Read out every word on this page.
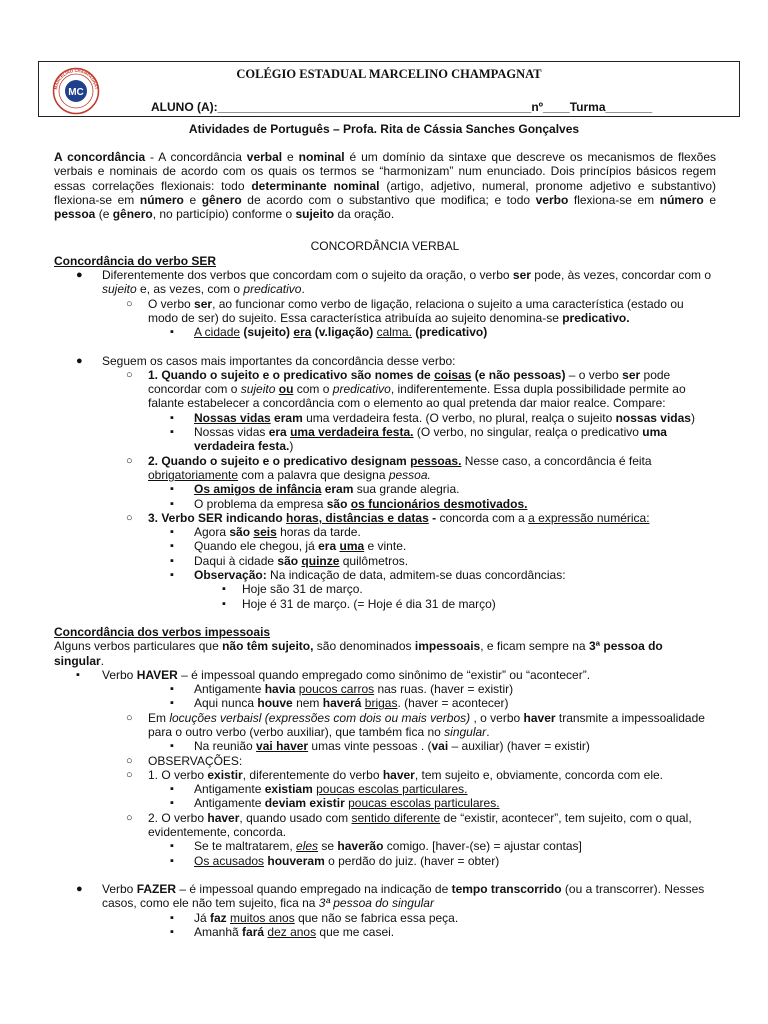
MC
MARCELINO CHAMPAGNAT
COLÉGIO ESTADUAL MARCELINO CHAMPAGNAT
ALUNO (A):_______________________________________________nº____Turma_______
Atividades de Português – Profa. Rita de Cássia Sanches Gonçalves

A concordância - A concordância verbal e nominal é um domínio da sintaxe que descreve os mecanismos de flexões verbais e nominais de acordo com os quais os termos se “harmonizam” num enunciado. Dois princípios básicos regem essas correlações flexionais: todo determinante nominal (artigo, adjetivo, numeral, pronome adjetivo e substantivo) flexiona-se em número e gênero de acordo com o substantivo que modifica; e todo verbo flexiona-se em número e pessoa (e gênero, no particípio) conforme o sujeito da oração.

CONCORDÂNCIA VERBAL

Concordância do verbo SER

● Diferentemente dos verbos que concordam com o sujeito da oração, o verbo ser pode, às vezes, concordar com o sujeito e, as vezes, com o predicativo.

○ O verbo ser, ao funcionar como verbo de ligação, relaciona o sujeito a uma característica (estado ou modo de ser) do sujeito. Essa característica atribuída ao sujeito denomina-se predicativo.

▪ A cidade (sujeito) era (v.ligação) calma. (predicativo)

● Seguem os casos mais importantes da concordância desse verbo:

○ 1. Quando o sujeito e o predicativo são nomes de coisas (e não pessoas) – o verbo ser pode concordar com o sujeito ou com o predicativo, indiferentemente. Essa dupla possibilidade permite ao falante estabelecer a concordância com o elemento ao qual pretenda dar maior realce. Compare:

▪ Nossas vidas eram uma verdadeira festa. (O verbo, no plural, realça o sujeito nossas vidas)

▪ Nossas vidas era uma verdadeira festa. (O verbo, no singular, realça o predicativo uma verdadeira festa.)

○ 2. Quando o sujeito e o predicativo designam pessoas. Nesse caso, a concordância é feita obrigatoriamente com a palavra que designa pessoa.

▪ Os amigos de infância eram sua grande alegria.

▪ O problema da empresa são os funcionários desmotivados.

○ 3. Verbo SER indicando horas, distâncias e datas - concorda com a a expressão numérica:

▪ Agora são seis horas da tarde.

▪ Quando ele chegou, já era uma e vinte.

▪ Daqui à cidade são quinze quilômetros.

▪ Observação: Na indicação de data, admitem-se duas concordâncias:

▪ Hoje são 31 de março.

▪ Hoje é 31 de março. (= Hoje é dia 31 de março)

Concordância dos verbos impessoais

Alguns verbos particulares que não têm sujeito, são denominados impessoais, e ficam sempre na 3ª pessoa do singular.

▪ Verbo HAVER – é impessoal quando empregado como sinônimo de “existir” ou “acontecer”.

▪ Antigamente havia poucos carros nas ruas. (haver = existir)

▪ Aqui nunca houve nem haverá brigas. (haver = acontecer)

○ Em locuções verbaisl (expressões com dois ou mais verbos) , o verbo haver transmite a impessoalidade para o outro verbo (verbo auxiliar), que também fica no singular.

▪ Na reunião vai haver umas vinte pessoas . (vai – auxiliar) (haver = existir)

○ OBSERVAÇÕES:

○ 1. O verbo existir, diferentemente do verbo haver, tem sujeito e, obviamente, concorda com ele.

▪ Antigamente existiam poucas escolas particulares.

▪ Antigamente deviam existir poucas escolas particulares.

○ 2. O verbo haver, quando usado com sentido diferente de “existir, acontecer”, tem sujeito, com o qual, evidentemente, concorda.

▪ Se te maltratarem, eles se haverão comigo. [haver-(se) = ajustar contas]

▪ Os acusados houveram o perdão do juiz. (haver = obter)

● Verbo FAZER – é impessoal quando empregado na indicação de tempo transcorrido (ou a transcorrer). Nesses casos, como ele não tem sujeito, fica na 3ª pessoa do singular

▪ Já faz muitos anos que não se fabrica essa peça.

▪ Amanhã fará dez anos que me casei.
